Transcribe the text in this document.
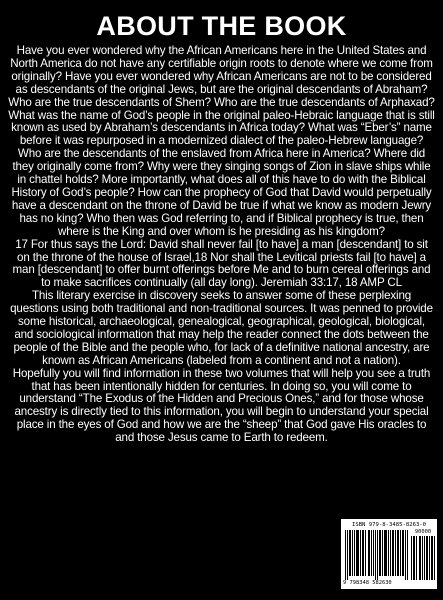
ABOUT THE BOOK

Have you ever wondered why the African Americans here in the United States and North America do not have any certifiable origin roots to denote where we come from originally? Have you ever wondered why African Americans are not to be considered as descendants of the original Jews, but are the original descendants of Abraham?

Who are the true descendants of Shem? Who are the true descendants of Arphaxad? What was the name of God’s people in the original paleo-Hebraic language that is still known as used by Abraham’s descendants in Africa today? What was “Eber’s” name before it was repurposed in a modernized dialect of the paleo-Hebrew language?

Who are the descendants of the enslaved from Africa here in America? Where did they originally come from? Why were they singing songs of Zion in slave ships while in chattel holds? More importantly, what does all of this have to do with the Biblical History of God’s people? How can the prophecy of God that David would perpetually have a descendant on the throne of David be true if what we know as modern Jewry has no king? Who then was God referring to, and if Biblical prophecy is true, then where is the King and over whom is he presiding as his kingdom?

17 For thus says the Lord: David shall never fail [to have] a man [descendant] to sit on the throne of the house of Israel,18 Nor shall the Levitical priests fail [to have] a man [descendant] to offer burnt offerings before Me and to burn cereal offerings and to make sacrifices continually (all day long). Jeremiah 33:17, 18 AMP CL

This literary exercise in discovery seeks to answer some of these perplexing questions using both traditional and non-traditional sources. It was penned to provide some historical, archaeological, genealogical, geographical, geological, biological, and sociological information that may help the reader connect the dots between the people of the Bible and the people who, for lack of a definitive national ancestry, are known as African Americans (labeled from a continent and not a nation).

Hopefully you will find information in these two volumes that will help you see a truth that has been intentionally hidden for centuries. In doing so, you will come to understand “The Exodus of the Hidden and Precious Ones,” and for those whose ancestry is directly tied to this information, you will begin to understand your special place in the eyes of God and how we are the “sheep” that God gave His oracles to and those Jesus came to Earth to redeem.

ISBN 979-8-3485-8263-0
90000
9 798348 582630
